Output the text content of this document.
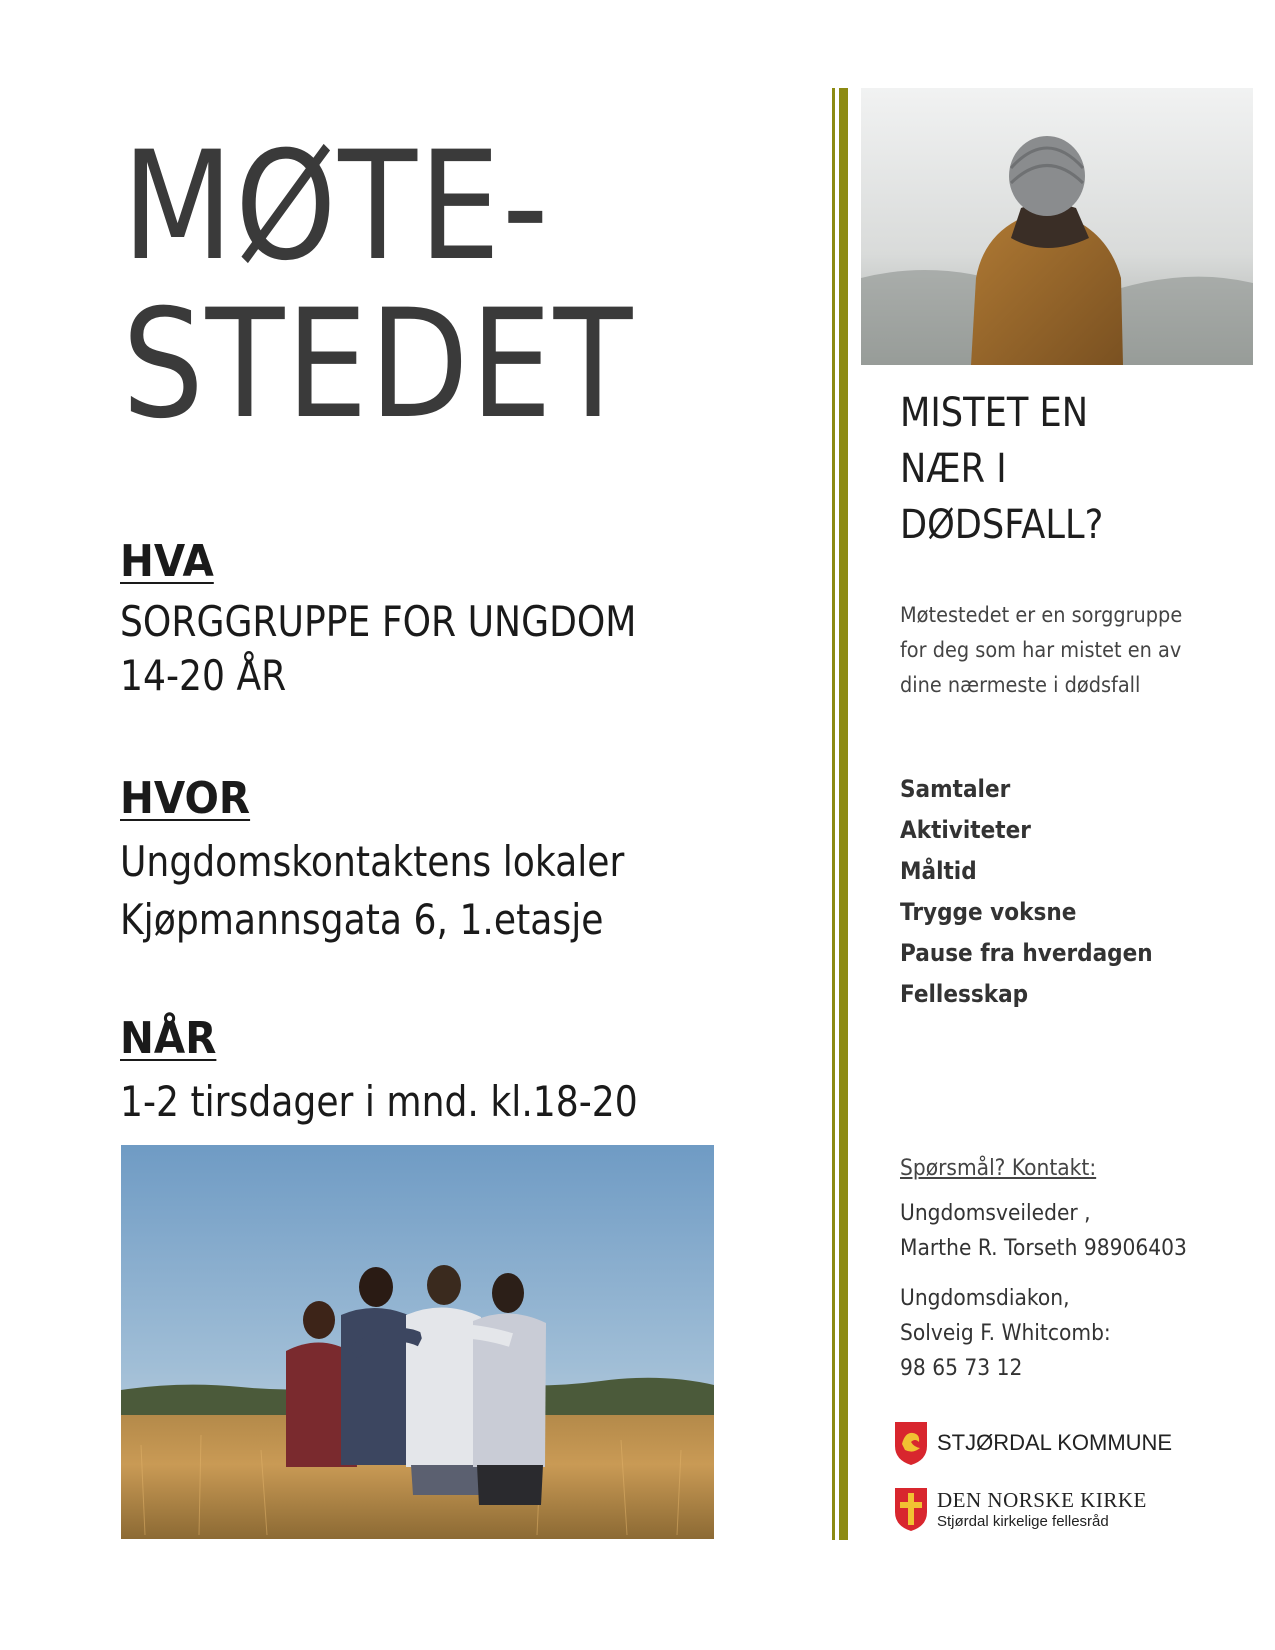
MØTE-
STEDET
HVA
SORGGRUPPE FOR UNGDOM
14-20 ÅR
HVOR
Ungdomskontaktens lokaler
Kjøpmannsgata 6, 1.etasje
NÅR
1-2 tirsdager i mnd. kl.18-20
MISTET EN
NÆR I
DØDSFALL?
Møtestedet er en sorggruppe
for deg som har mistet en av
dine nærmeste i dødsfall
Samtaler
Aktiviteter
Måltid
Trygge voksne
Pause fra hverdagen
Fellesskap
Spørsmål? Kontakt:
Ungdomsveileder ,
Marthe R. Torseth 98906403
Ungdomsdiakon,
Solveig F. Whitcomb:
98 65 73 12
STJØRDAL KOMMUNE
DEN NORSKE KIRKE
Stjørdal kirkelige fellesråd
